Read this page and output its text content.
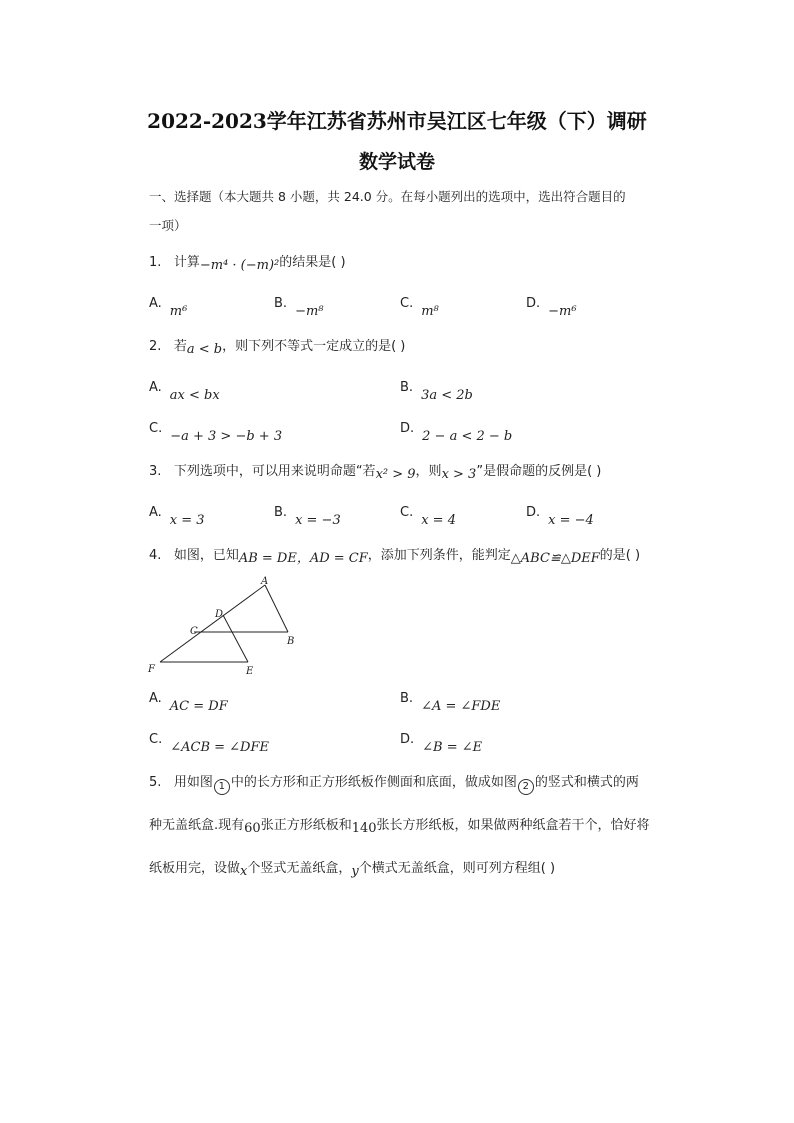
2022-2023学年江苏省苏州市吴江区七年级（下）调研
数学试卷
一、选择题（本大题共 8 小题，共 24.0 分。在每小题列出的选项中，选出符合题目的
一项）
1. 计算−m⁴ · (−m)²的结果是( )
$^{A.}_{m^6}$
$^{B.}_{-m^8}$
$^{C.}_{m^8}$
$^{D.}_{-m^6}$
2. 若a < b，则下列不等式一定成立的是( )
$^{A.}_{ax < bx}$
$^{B.}_{3a < 2b}$
$^{C.}_{-a + 3 > -b + 3}$
$^{D.}_{2 - a < 2 - b}$
3. 下列选项中，可以用来说明命题“若x² > 9，则x > 3”是假命题的反例是( )
$^{A.}_{x = 3}$
$^{B.}_{x = -3}$
$^{C.}_{x = 4}$
$^{D.}_{x = -4}$
4. 如图，已知AB = DE，AD = CF，添加下列条件，能判定△ABC≌△DEF的是( )
A
B
C
D
E
F
$^{A.}_{AC = DF}$
$^{B.}_{\angle A = \angle FDE}$
$^{C.}_{\angle ACB = \angle DFE}$
$^{D.}_{\angle B = \angle E}$
5. 用如图 1 中的长方形和正方形纸板作侧面和底面，做成如图 2 的竖式和横式的两
种无盖纸盒.现有60张正方形纸板和140张长方形纸板，如果做两种纸盒若干个，恰好将
纸板用完，设做x个竖式无盖纸盒，y个横式无盖纸盒，则可列方程组( )
